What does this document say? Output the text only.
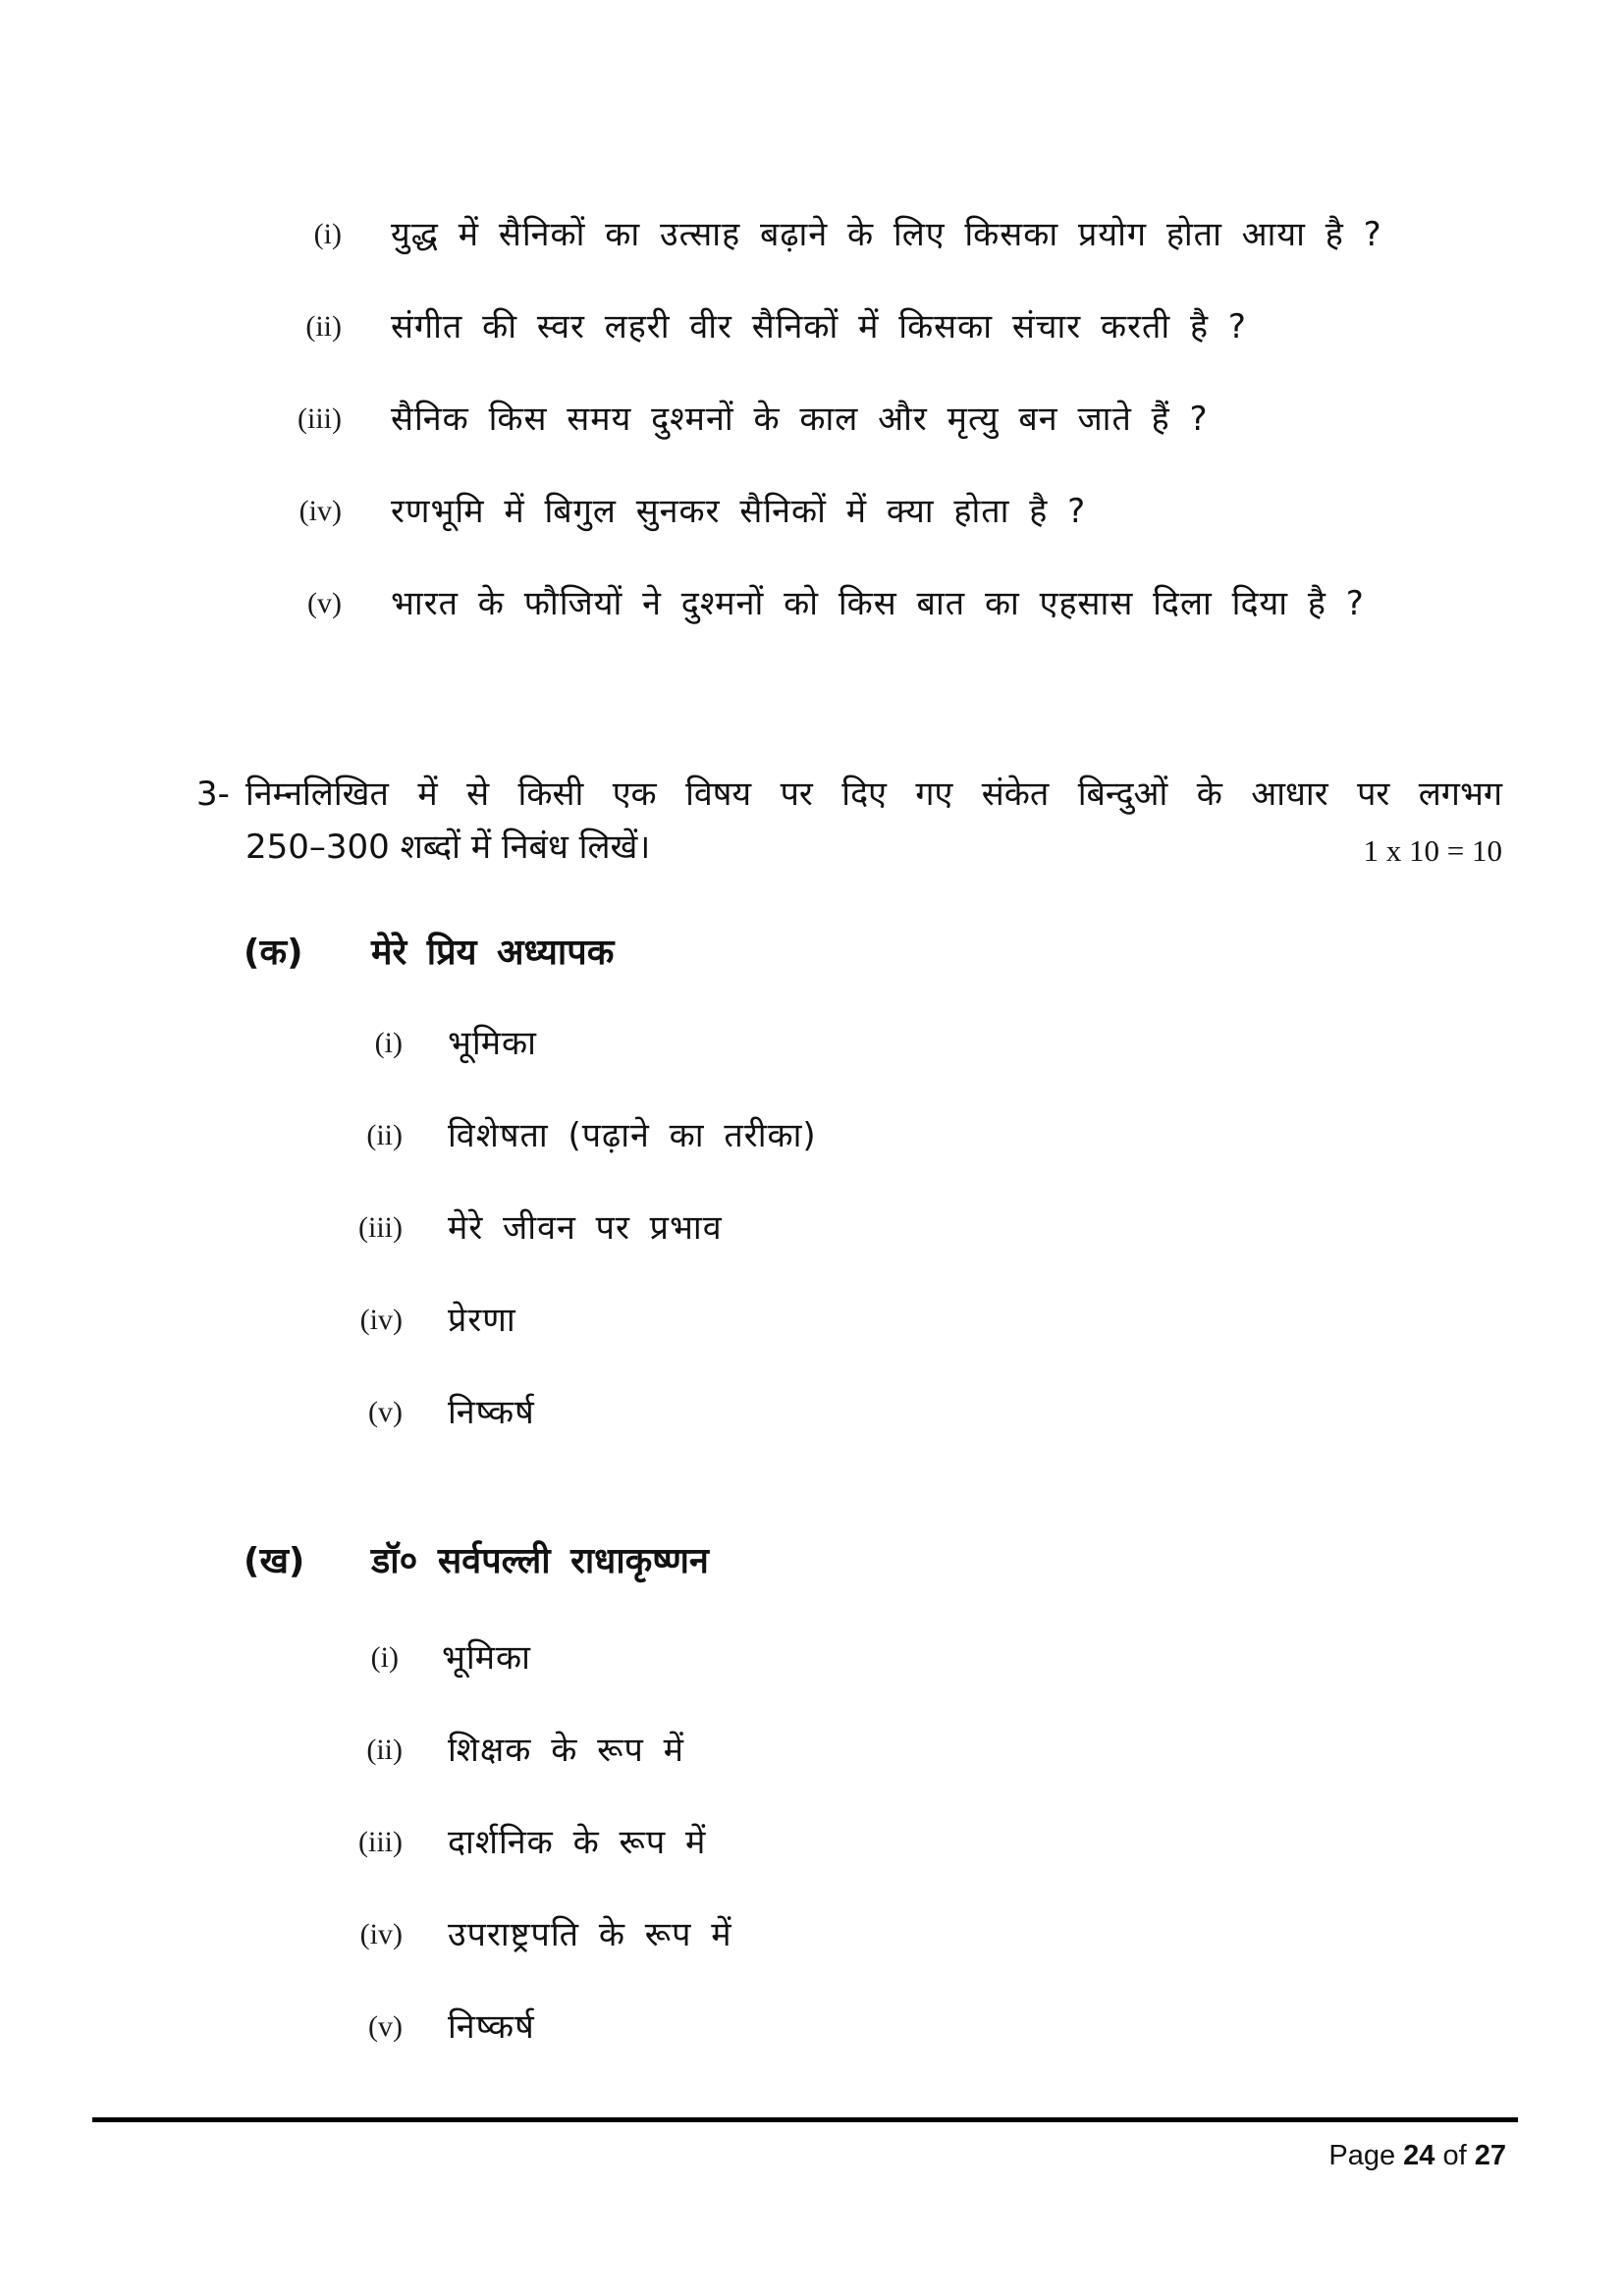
(i) युद्ध में सैनिकों का उत्साह बढ़ाने के लिए किसका प्रयोग होता आया है ?
(ii) संगीत की स्वर लहरी वीर सैनिकों में किसका संचार करती है ?
(iii) सैनिक किस समय दुश्मनों के काल और मृत्यु बन जाते हैं ?
(iv) रणभूमि में बिगुल सुनकर सैनिकों में क्या होता है ?
(v) भारत के फौजियों ने दुश्मनों को किस बात का एहसास दिला दिया है ?
3- निम्नलिखित में से किसी एक विषय पर दिए गए संकेत बिन्दुओं के आधार पर लगभग
250–300 शब्दों में निबंध लिखें।	1 x 10 = 10
(क) मेरे प्रिय अध्यापक
(i) भूमिका
(ii) विशेषता (पढ़ाने का तरीका)
(iii) मेरे जीवन पर प्रभाव
(iv) प्रेरणा
(v) निष्कर्ष
(ख) डॉ० सर्वपल्ली राधाकृष्णन
(i) भूमिका
(ii) शिक्षक के रूप में
(iii) दार्शनिक के रूप में
(iv) उपराष्ट्रपति के रूप में
(v) निष्कर्ष
Page 24 of 27
